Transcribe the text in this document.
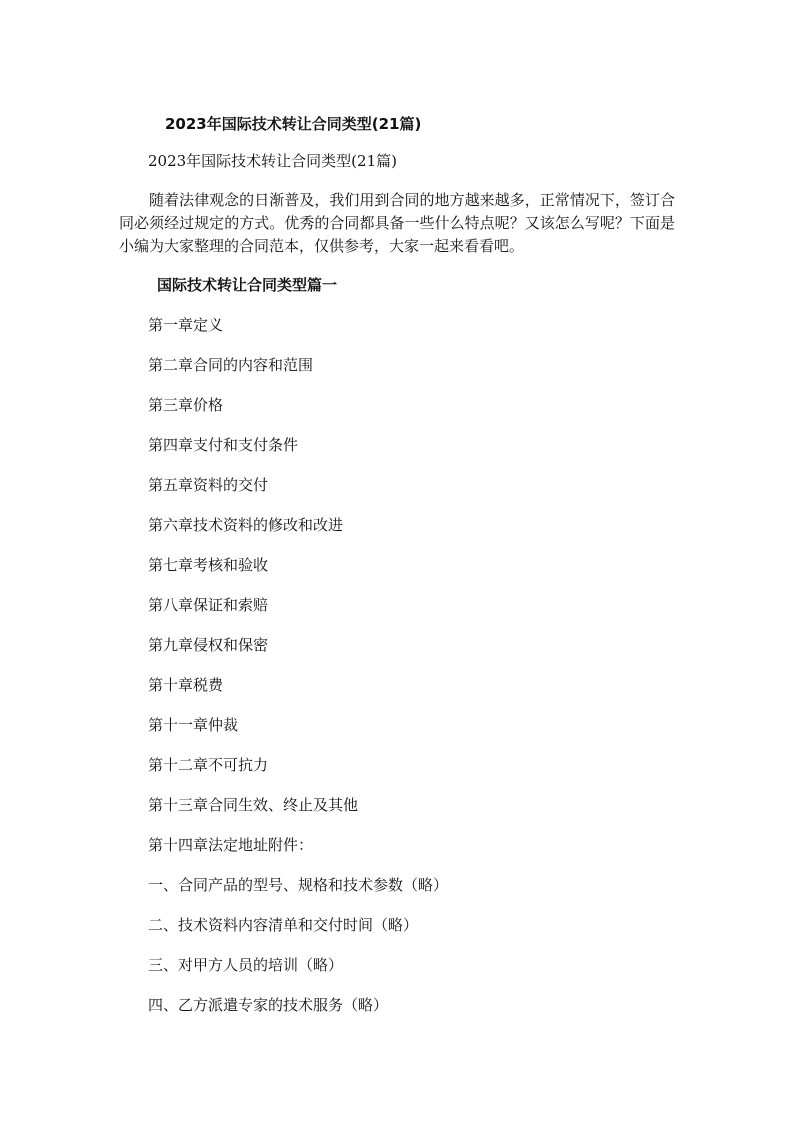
2023年国际技术转让合同类型(21篇)
2023年国际技术转让合同类型(21篇)

随着法律观念的日渐普及，我们用到合同的地方越来越多，正常情况下，签订合同必须经过规定的方式。优秀的合同都具备一些什么特点呢？又该怎么写呢？下面是小编为大家整理的合同范本，仅供参考，大家一起来看看吧。

国际技术转让合同类型篇一
第一章定义
第二章合同的内容和范围
第三章价格
第四章支付和支付条件
第五章资料的交付
第六章技术资料的修改和改进
第七章考核和验收
第八章保证和索赔
第九章侵权和保密
第十章税费
第十一章仲裁
第十二章不可抗力
第十三章合同生效、终止及其他
第十四章法定地址附件：
一、合同产品的型号、规格和技术参数（略）
二、技术资料内容清单和交付时间（略）
三、对甲方人员的培训（略）
四、乙方派遣专家的技术服务（略）
